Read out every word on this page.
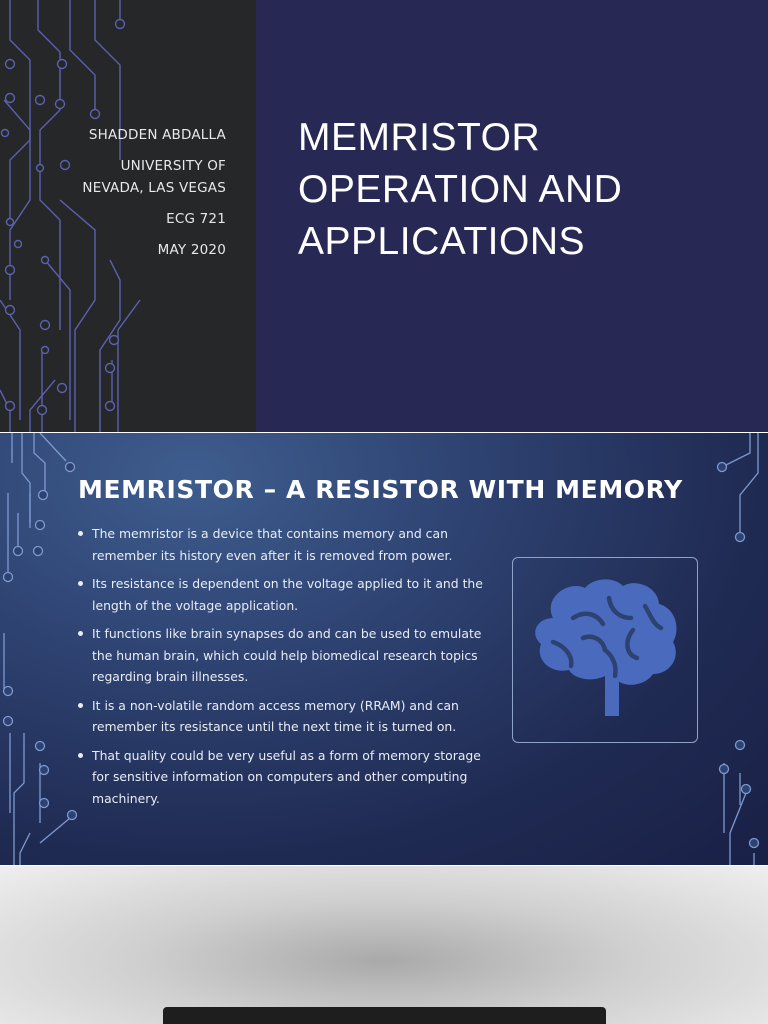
SHADDEN ABDALLA
UNIVERSITY OF
NEVADA, LAS VEGAS
ECG 721
MAY 2020
MEMRISTOR
OPERATION AND
APPLICATIONS
MEMRISTOR – A RESISTOR WITH MEMORY
The memristor is a device that contains memory and can remember its history even after it is removed from power.
Its resistance is dependent on the voltage applied to it and the length of the voltage application.
It functions like brain synapses do and can be used to emulate the human brain, which could help biomedical research topics regarding brain illnesses.
It is a non-volatile random access memory (RRAM) and can remember its resistance until the next time it is turned on.
That quality could be very useful as a form of memory storage for sensitive information on computers and other computing machinery.
